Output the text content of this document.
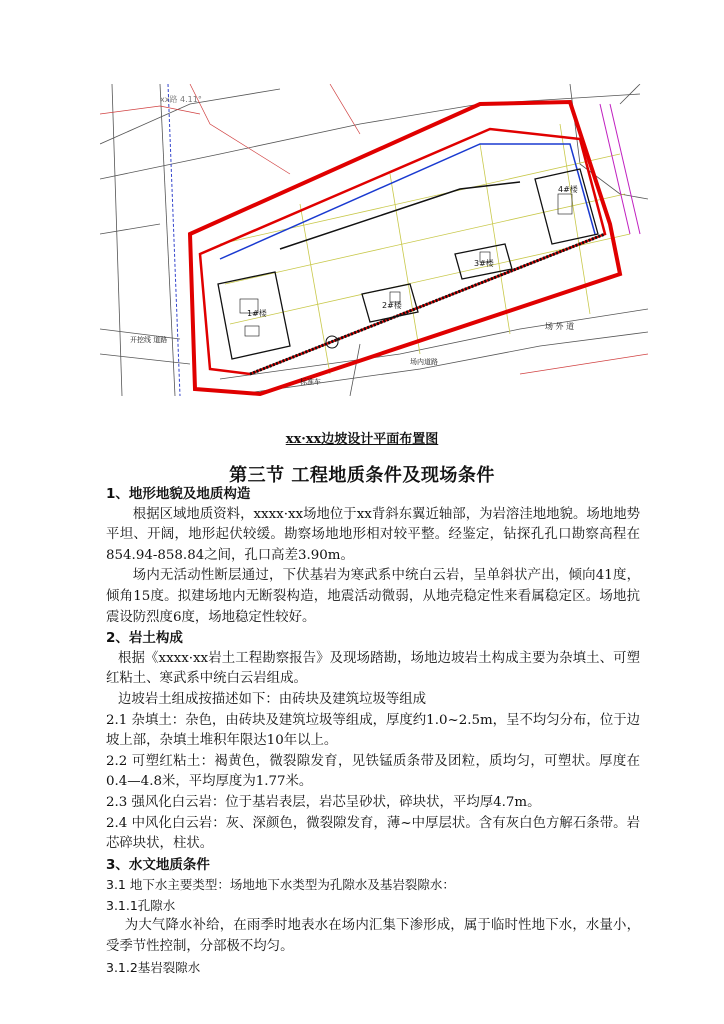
1#楼
2#楼
3#楼
4#楼
开挖线 道路
标准车
场内道路
场 外 道
xx路 4.11°
xx·xx边坡设计平面布置图
第三节 工程地质条件及现场条件

1、地形地貌及地质构造

根据区域地质资料，xxxx·xx场地位于xx背斜东翼近轴部，为岩溶洼地地貌。场地地势平坦、开阔，地形起伏较缓。勘察场地地形相对较平整。经鉴定，钻探孔孔口勘察高程在854.94-858.84之间，孔口高差3.90m。

场内无活动性断层通过，下伏基岩为寒武系中统白云岩，呈单斜状产出，倾向41度，倾角15度。拟建场地内无断裂构造，地震活动微弱，从地壳稳定性来看属稳定区。场地抗震设防烈度6度，场地稳定性较好。

2、岩土构成

根据《xxxx·xx岩土工程勘察报告》及现场踏勘，场地边坡岩土构成主要为杂填土、可塑红粘土、寒武系中统白云岩组成。

边坡岩土组成按描述如下：由砖块及建筑垃圾等组成

2.1 杂填土：杂色，由砖块及建筑垃圾等组成，厚度约1.0~2.5m，呈不均匀分布，位于边坡上部，杂填土堆积年限达10年以上。

2.2 可塑红粘土：褐黄色，微裂隙发育，见铁锰质条带及团粒，质均匀，可塑状。厚度在0.4—4.8米，平均厚度为1.77米。

2.3 强风化白云岩：位于基岩表层，岩芯呈砂状，碎块状，平均厚4.7m。

2.4 中风化白云岩：灰、深颜色，微裂隙发育，薄~中厚层状。含有灰白色方解石条带。岩芯碎块状，柱状。

3、水文地质条件

3.1 地下水主要类型：场地地下水类型为孔隙水及基岩裂隙水：

3.1.1孔隙水

为大气降水补给，在雨季时地表水在场内汇集下渗形成，属于临时性地下水，水量小，受季节性控制，分部极不均匀。

3.1.2基岩裂隙水
